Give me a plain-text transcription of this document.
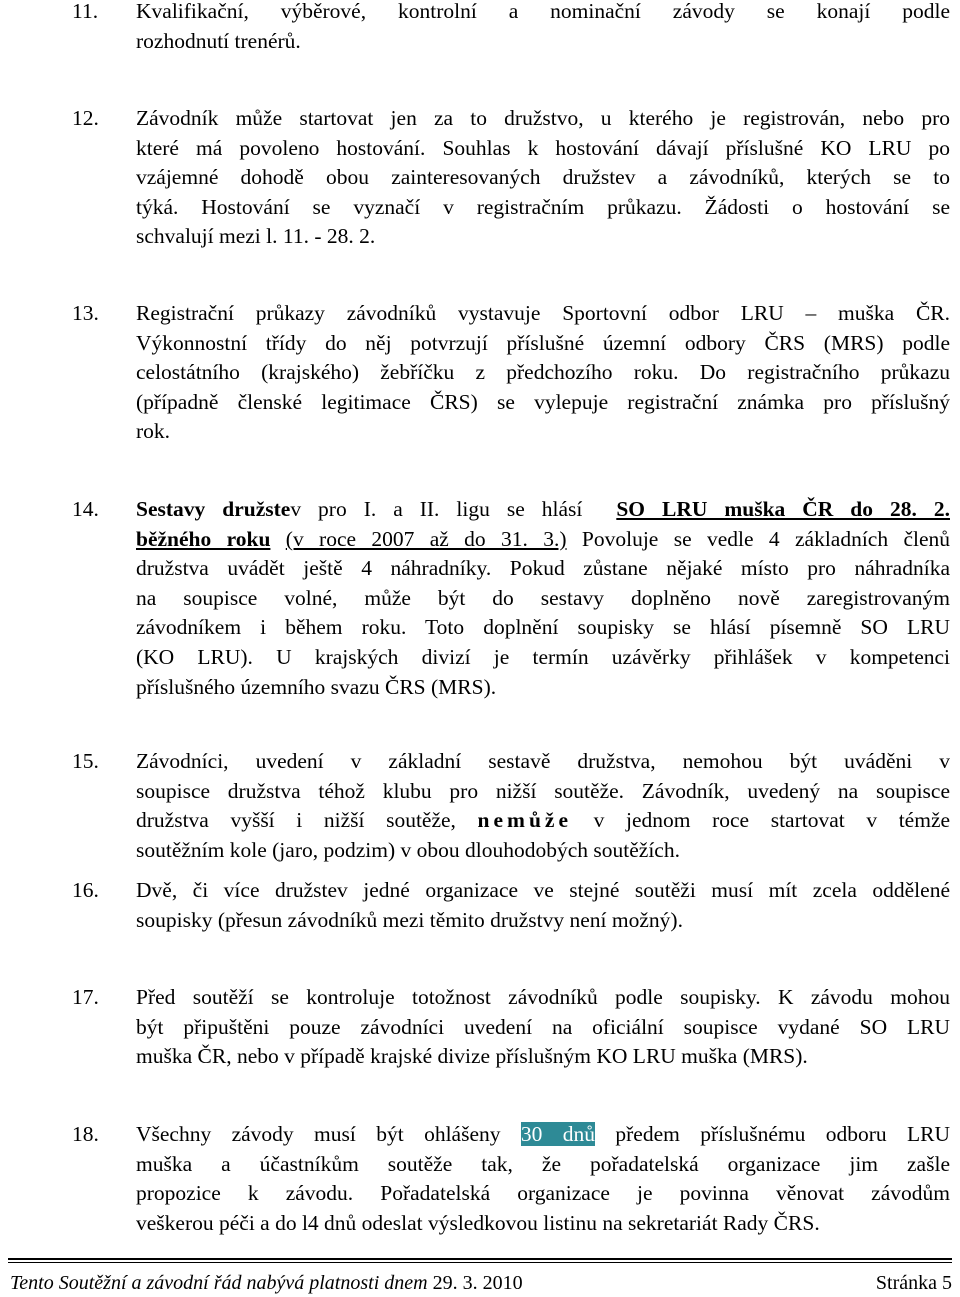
11. Kvalifikační, výběrové, kontrolní a nominační závody se konají podle
rozhodnutí trenérů.
12. Závodník může startovat jen za to družstvo, u kterého je registrován, nebo pro
které má povoleno hostování. Souhlas k hostování dávají příslušné KO LRU po
vzájemné dohodě obou zainteresovaných družstev a závodníků, kterých se to
týká. Hostování se vyznačí v registračním průkazu. Žádosti o hostování se
schvalují mezi l. 11. - 28. 2.
13. Registrační průkazy závodníků vystavuje Sportovní odbor LRU – muška ČR.
Výkonnostní třídy do něj potvrzují příslušné územní odbory ČRS (MRS) podle
celostátního (krajského) žebříčku z předchozího roku. Do registračního průkazu
(případně členské legitimace ČRS) se vylepuje registrační známka pro příslušný
rok.
14. Sestavy družstev pro I. a II. ligu se hlásí SO LRU muška ČR do 28. 2.
běžného roku (v roce 2007 až do 31. 3.) Povoluje se vedle 4 základních členů
družstva uvádět ještě 4 náhradníky. Pokud zůstane nějaké místo pro náhradníka
na soupisce volné, může být do sestavy doplněno nově zaregistrovaným
závodníkem i během roku. Toto doplnění soupisky se hlásí písemně SO LRU
(KO LRU). U krajských divizí je termín uzávěrky přihlášek v kompetenci
příslušného územního svazu ČRS (MRS).
15. Závodníci, uvedení v základní sestavě družstva, nemohou být uváděni v
soupisce družstva téhož klubu pro nižší soutěže. Závodník, uvedený na soupisce
družstva vyšší i nižší soutěže, nemůže v jednom roce startovat v témže
soutěžním kole (jaro, podzim) v obou dlouhodobých soutěžích.
16. Dvě, či více družstev jedné organizace ve stejné soutěži musí mít zcela oddělené
soupisky (přesun závodníků mezi těmito družstvy není možný).
17. Před soutěží se kontroluje totožnost závodníků podle soupisky. K závodu mohou
být připuštěni pouze závodníci uvedení na oficiální soupisce vydané SO LRU
muška ČR, nebo v případě krajské divize příslušným KO LRU muška (MRS).
18. Všechny závody musí být ohlášeny 30 dnů předem příslušnému odboru LRU
muška a účastníkům soutěže tak, že pořadatelská organizace jim zašle
propozice k závodu. Pořadatelská organizace je povinna věnovat závodům
veškerou péči a do l4 dnů odeslat výsledkovou listinu na sekretariát Rady ČRS.
Tento Soutěžní a závodní řád nabývá platnosti dnem 29. 3. 2010	Stránka 5
